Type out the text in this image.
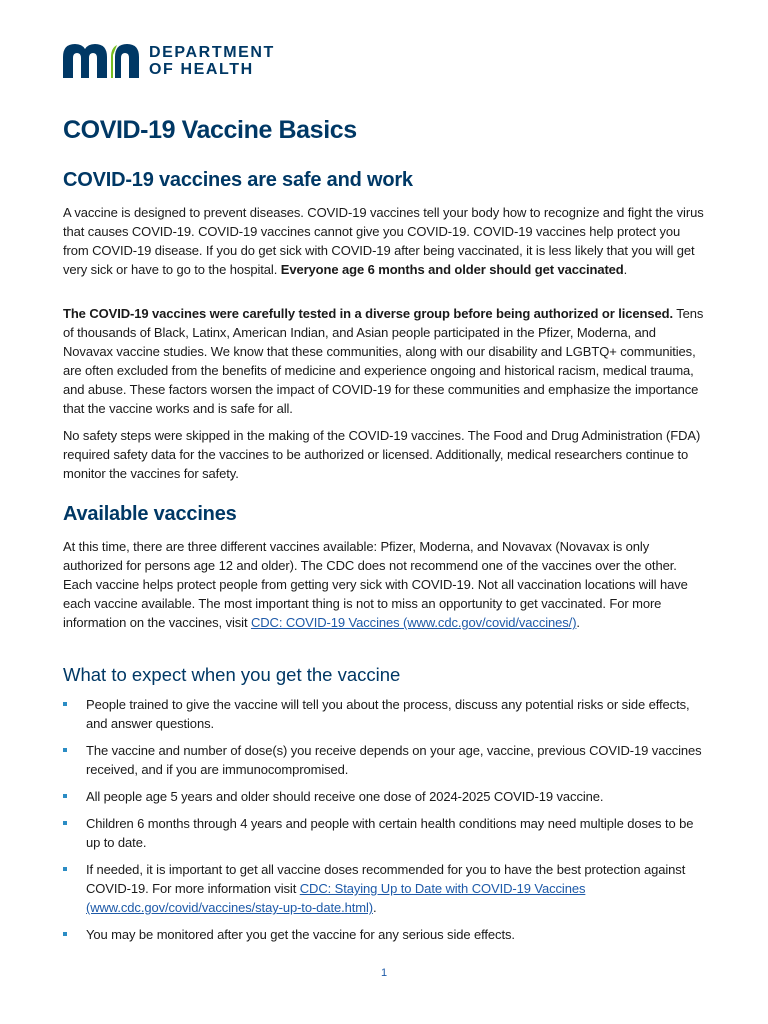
DEPARTMENT
OF HEALTH
COVID-19 Vaccine Basics
COVID-19 vaccines are safe and work

A vaccine is designed to prevent diseases. COVID-19 vaccines tell your body how to recognize and fight the virus that causes COVID-19. COVID-19 vaccines cannot give you COVID-19. COVID-19 vaccines help protect you from COVID-19 disease. If you do get sick with COVID-19 after being vaccinated, it is less likely that you will get very sick or have to go to the hospital. Everyone age 6 months and older should get vaccinated.

The COVID-19 vaccines were carefully tested in a diverse group before being authorized or licensed. Tens of thousands of Black, Latinx, American Indian, and Asian people participated in the Pfizer, Moderna, and Novavax vaccine studies. We know that these communities, along with our disability and LGBTQ+ communities, are often excluded from the benefits of medicine and experience ongoing and historical racism, medical trauma, and abuse. These factors worsen the impact of COVID-19 for these communities and emphasize the importance that the vaccine works and is safe for all.

No safety steps were skipped in the making of the COVID-19 vaccines. The Food and Drug Administration (FDA) required safety data for the vaccines to be authorized or licensed. Additionally, medical researchers continue to monitor the vaccines for safety.

Available vaccines

At this time, there are three different vaccines available: Pfizer, Moderna, and Novavax (Novavax is only authorized for persons age 12 and older). The CDC does not recommend one of the vaccines over the other. Each vaccine helps protect people from getting very sick with COVID-19. Not all vaccination locations will have each vaccine available. The most important thing is not to miss an opportunity to get vaccinated. For more information on the vaccines, visit CDC: COVID-19 Vaccines (www.cdc.gov/covid/vaccines/).

What to expect when you get the vaccine
People trained to give the vaccine will tell you about the process, discuss any potential risks or side effects, and answer questions.
The vaccine and number of dose(s) you receive depends on your age, vaccine, previous COVID-19 vaccines received, and if you are immunocompromised.
All people age 5 years and older should receive one dose of 2024-2025 COVID-19 vaccine.
Children 6 months through 4 years and people with certain health conditions may need multiple doses to be up to date.
If needed, it is important to get all vaccine doses recommended for you to have the best protection against COVID-19. For more information visit CDC: Staying Up to Date with COVID-19 Vaccines (www.cdc.gov/covid/vaccines/stay-up-to-date.html).
You may be monitored after you get the vaccine for any serious side effects.
1
